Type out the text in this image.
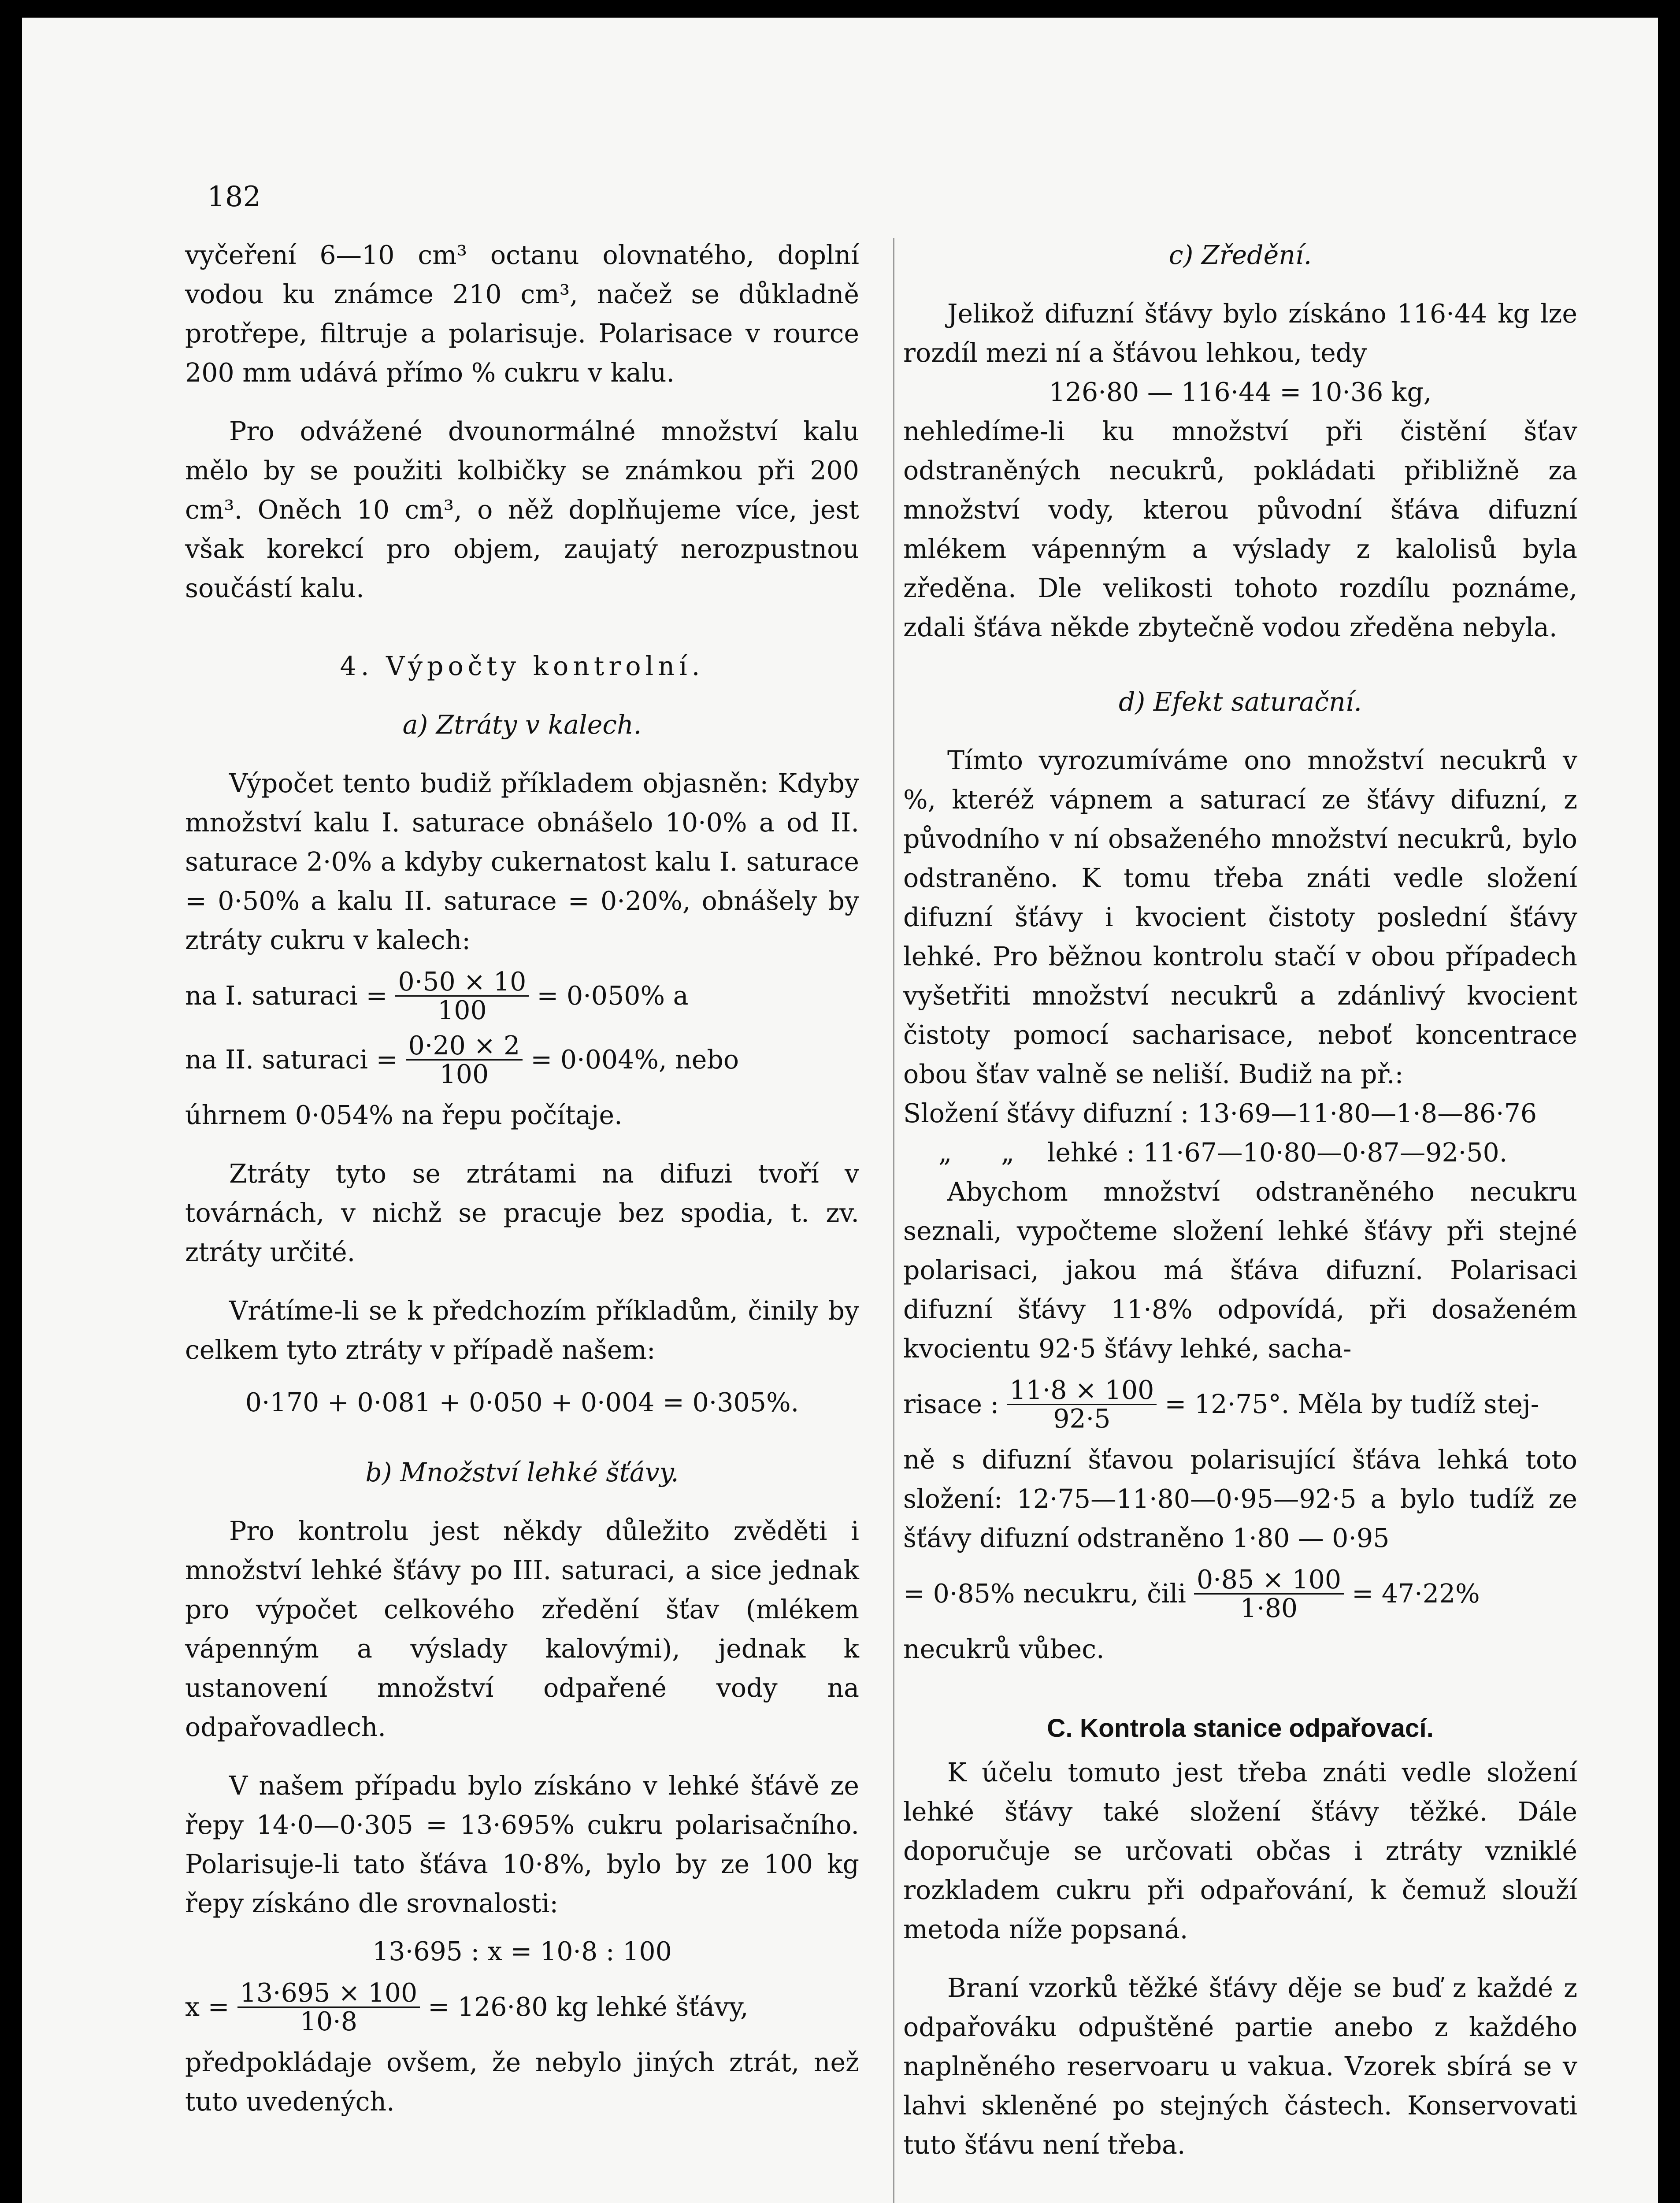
182

vyčeření 6—10 cm³ octanu olovnatého, doplní vodou ku známce 210 cm³, načež se důkladně protřepe, filtruje a polarisuje. Polarisace v rource 200 mm udává přímo % cukru v kalu.

Pro odvážené dvounormálné množství kalu mělo by se použiti kolbičky se známkou při 200 cm³. Oněch 10 cm³, o něž doplňujeme více, jest však korekcí pro objem, zaujatý nerozpustnou součástí kalu.

4. Výpočty kontrolní.
a) Ztráty v kalech.

Výpočet tento budiž příkladem objasněn: Kdyby množství kalu I. saturace obnášelo 10·0% a od II. saturace 2·0% a kdyby cukernatost kalu I. saturace = 0·50% a kalu II. saturace = 0·20%, obnášely by ztráty cukru v kalech:

na I. saturaci = $\frac{0\cdot 50 \times 10}{100} = 0\cdot 050\%$ a
na II. saturaci = $\frac{0\cdot 20 \times 2}{100} = 0\cdot 004\%$, nebo

úhrnem 0·054% na řepu počítaje.

Ztráty tyto se ztrátami na difuzi tvoří v továrnách, v nichž se pracuje bez spodia, t. zv. ztráty určité.

Vrátíme-li se k předchozím příkladům, činily by celkem tyto ztráty v případě našem:

0·170 + 0·081 + 0·050 + 0·004 = 0·305%.
b) Množství lehké šťávy.

Pro kontrolu jest někdy důležito zvěděti i množství lehké šťávy po III. saturaci, a sice jednak pro výpočet celkového zředění šťav (mlékem vápenným a výslady kalovými), jednak k ustanovení množství odpařené vody na odpařovadlech.

V našem případu bylo získáno v lehké šťávě ze řepy 14·0—0·305 = 13·695% cukru polarisačního. Polarisuje-li tato šťáva 10·8%, bylo by ze 100 kg řepy získáno dle srovnalosti:

13·695 : x = 10·8 : 100
$x = \frac{13\cdot 695 \times 100}{10\cdot 8} = 126\cdot 80$ kg lehké šťávy,

předpokládaje ovšem, že nebylo jiných ztrát, než tuto uvedených.

c) Zředění.

Jelikož difuzní šťávy bylo získáno 116·44 kg lze rozdíl mezi ní a šťávou lehkou, tedy

126·80 — 116·44 = 10·36 kg,

nehledíme-li ku množství při čistění šťav odstraněných necukrů, pokládati přibližně za množství vody, kterou původní šťáva difuzní mlékem vápenným a výslady z kalolisů byla zředěna. Dle velikosti tohoto rozdílu poznáme, zdali šťáva někde zbytečně vodou zředěna nebyla.

d) Efekt saturační.

Tímto vyrozumíváme ono množství necukrů v %, kteréž vápnem a saturací ze šťávy difuzní, z původního v ní obsaženého množství necukrů, bylo odstraněno. K tomu třeba znáti vedle složení difuzní šťávy i kvocient čistoty poslední šťávy lehké. Pro běžnou kontrolu stačí v obou případech vyšetřiti množství necukrů a zdánlivý kvocient čistoty pomocí sacharisace, neboť koncentrace obou šťav valně se neliší. Budiž na př.:

Složení šťávy difuzní : 13·69—11·80—1·8—86·76
„      „    lehké : 11·67—10·80—0·87—92·50.

Abychom množství odstraněného necukru seznali, vypočteme složení lehké šťávy při stejné polarisaci, jakou má šťáva difuzní. Polarisaci difuzní šťávy 11·8% odpovídá, při dosaženém kvocientu 92·5 šťávy lehké, sacha-

risace : $\frac{11\cdot 8 \times 100}{92\cdot 5} = 12\cdot 75^\circ$. Měla by tudíž stej-

ně s difuzní šťavou polarisující šťáva lehká toto složení: 12·75—11·80—0·95—92·5 a bylo tudíž ze šťávy difuzní odstraněno 1·80 — 0·95

= 0·85% necukru, čili $\frac{0\cdot 85 \times 100}{1\cdot 80} = 47\cdot 22\%$

necukrů vůbec.

C. Kontrola stanice odpařovací.

K účelu tomuto jest třeba znáti vedle složení lehké šťávy také složení šťávy těžké. Dále doporučuje se určovati občas i ztráty vzniklé rozkladem cukru při odpařování, k čemuž slouží metoda níže popsaná.

Braní vzorků těžké šťávy děje se buď z každé z odpařováku odpuštěné partie anebo z každého naplněného reservoaru u vakua. Vzorek sbírá se v lahvi skleněné po stejných částech. Konservovati tuto šťávu není třeba.
